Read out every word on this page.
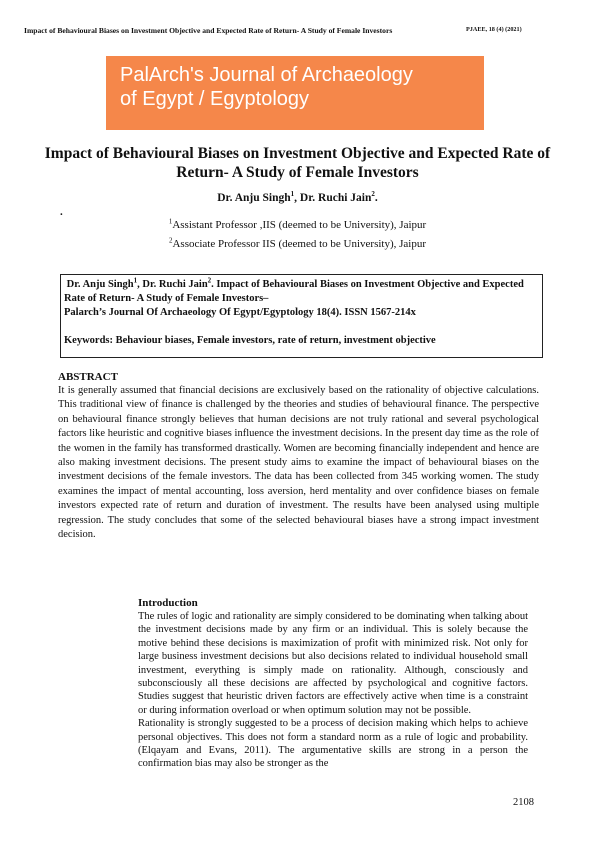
Impact of Behavioural Biases on Investment Objective and Expected Rate of Return- A Study of Female Investors	PJAEE, 18 (4) (2021)
PalArch's Journal of Archaeology
of Egypt / Egyptology
Impact of Behavioural Biases on Investment Objective and Expected Rate of Return- A Study of Female Investors
Dr. Anju Singh$^1$, Dr. Ruchi Jain$^2$.
.
$^1$Assistant Professor ,IIS (deemed to be University), Jaipur
$^2$Associate Professor IIS (deemed to be University), Jaipur
Dr. Anju Singh$^1$, Dr. Ruchi Jain$^2$. Impact of Behavioural Biases on Investment Objective and Expected Rate of Return- A Study of Female Investors–
Palarch’s Journal Of Archaeology Of Egypt/Egyptology 18(4). ISSN 1567-214x
Keywords: Behaviour biases, Female investors, rate of return, investment objective
ABSTRACT
It is generally assumed that financial decisions are exclusively based on the rationality of objective calculations. This traditional view of finance is challenged by the theories and studies of behavioural finance. The perspective on behavioural finance strongly believes that human decisions are not truly rational and several psychological factors like heuristic and cognitive biases influence the investment decisions. In the present day time as the role of the women in the family has transformed drastically. Women are becoming financially independent and hence are also making investment decisions. The present study aims to examine the impact of behavioural biases on the investment decisions of the female investors. The data has been collected from 345 working women. The study examines the impact of mental accounting, loss aversion, herd mentality and over confidence biases on female investors expected rate of return and duration of investment. The results have been analysed using multiple regression. The study concludes that some of the selected behavioural biases have a strong impact investment decision.
Introduction

The rules of logic and rationality are simply considered to be dominating when talking about the investment decisions made by any firm or an individual. This is solely because the motive behind these decisions is maximization of profit with minimized risk. Not only for large business investment decisions but also decisions related to individual household small investment, everything is simply made on rationality. Although, consciously and subconsciously all these decisions are affected by psychological and cognitive factors. Studies suggest that heuristic driven factors are effectively active when time is a constraint or during information overload or when optimum solution may not be possible.

Rationality is strongly suggested to be a process of decision making which helps to achieve personal objectives. This does not form a standard norm as a rule of logic and probability. (Elqayam and Evans, 2011). The argumentative skills are strong in a person the confirmation bias may also be stronger as the

2108
